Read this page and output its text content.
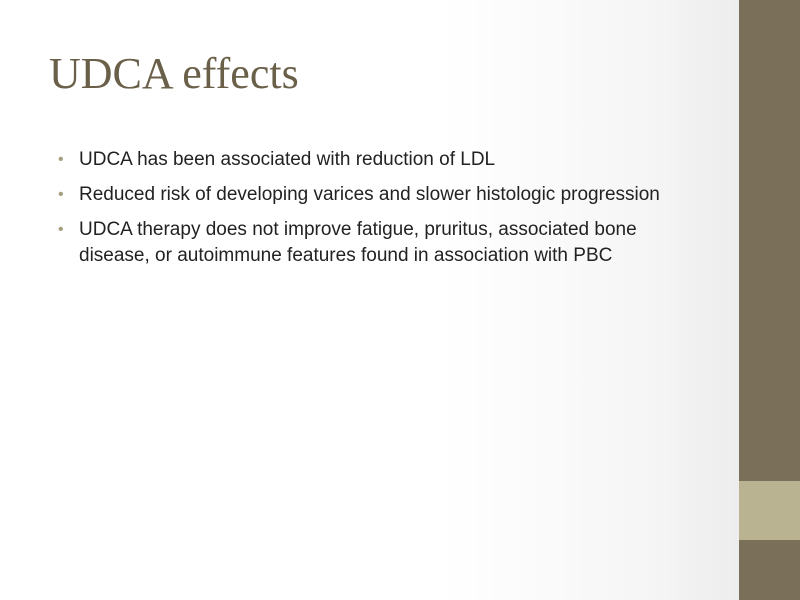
UDCA effects
• UDCA has been associated with reduction of LDL
• Reduced risk of developing varices and slower histologic progression
• UDCA therapy does not improve fatigue, pruritus, associated bone disease, or autoimmune features found in association with PBC
